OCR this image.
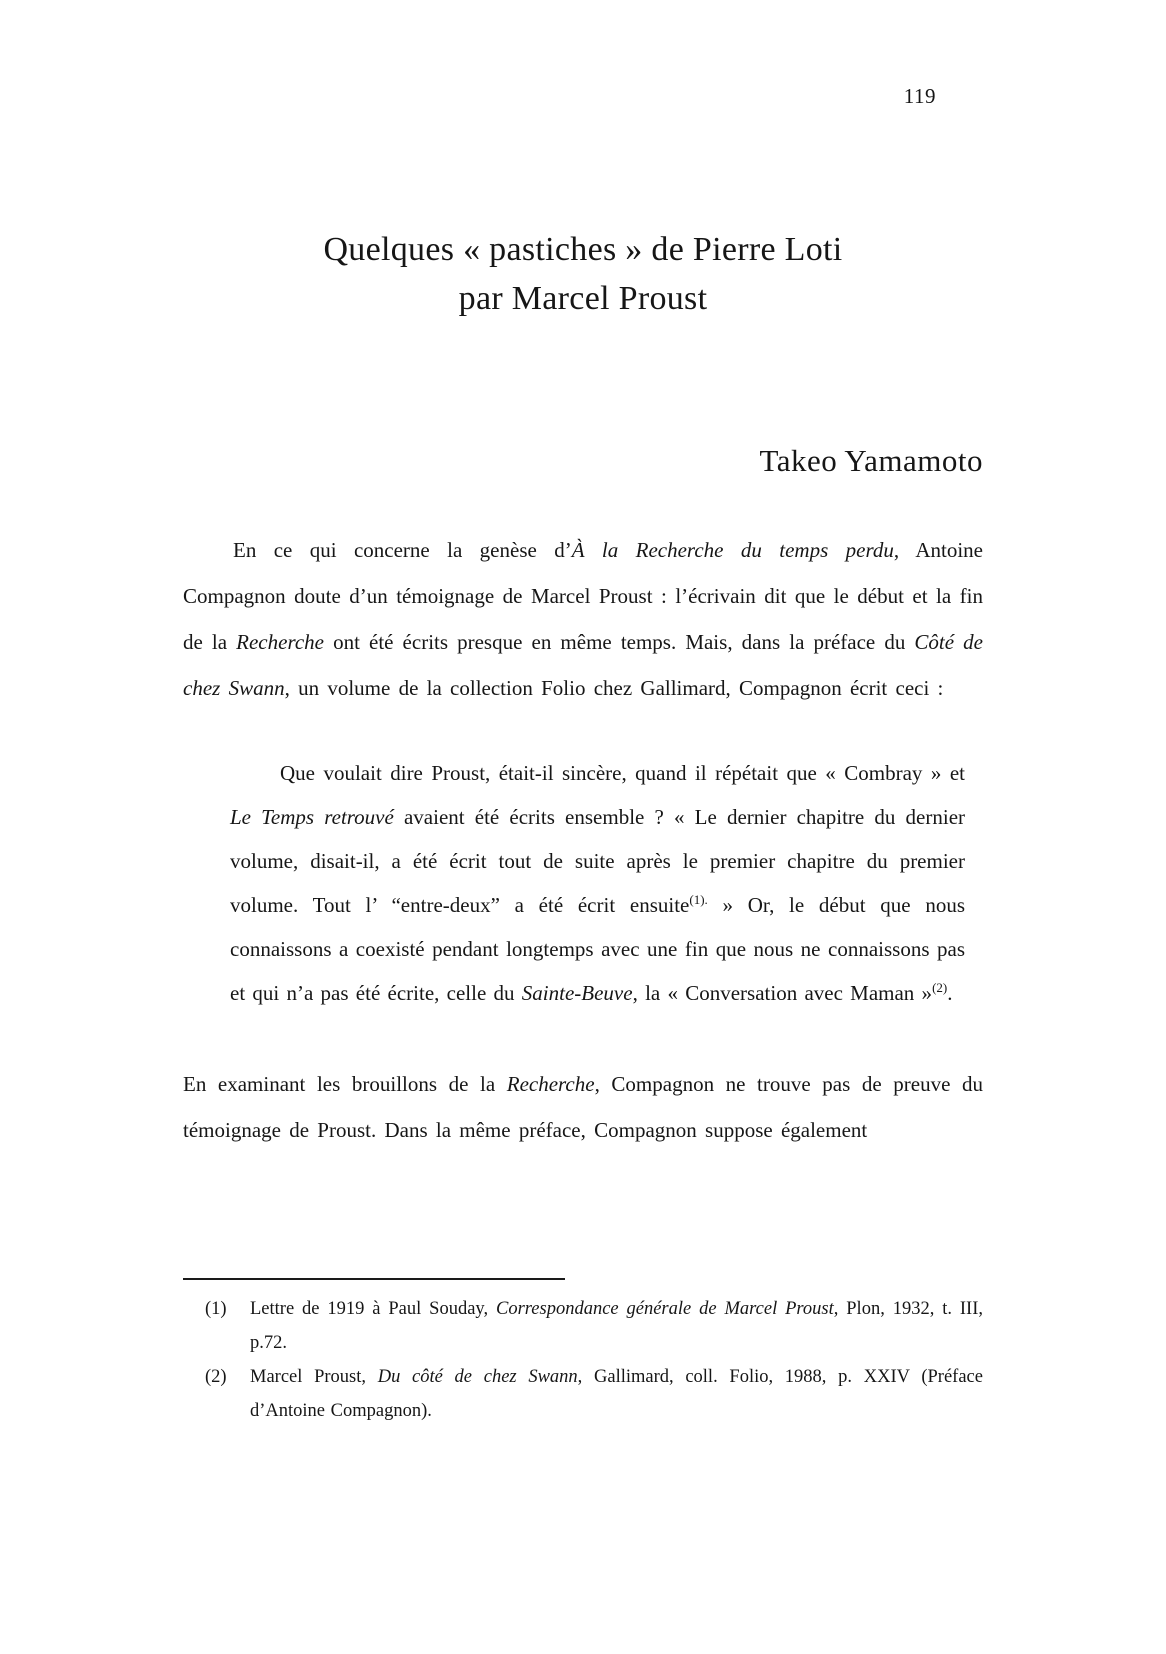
119
Quelques « pastiches » de Pierre Loti
par Marcel Proust
Takeo Yamamoto

En ce qui concerne la genèse d’À la Recherche du temps perdu, Antoine Compagnon doute d’un témoignage de Marcel Proust : l’écrivain dit que le début et la fin de la Recherche ont été écrits presque en même temps. Mais, dans la préface du Côté de chez Swann, un volume de la collection Folio chez Gallimard, Compagnon écrit ceci :

Que voulait dire Proust, était-il sincère, quand il répétait que « Combray » et Le Temps retrouvé avaient été écrits ensemble ? « Le dernier chapitre du dernier volume, disait-il, a été écrit tout de suite après le premier chapitre du premier volume. Tout l’ “entre-deux” a été écrit ensuite$^{(1).}$ » Or, le début que nous connaissons a coexisté pendant longtemps avec une fin que nous ne connaissons pas et qui n’a pas été écrite, celle du Sainte-Beuve, la « Conversation avec Maman »$^{(2)}$.

En examinant les brouillons de la Recherche, Compagnon ne trouve pas de preuve du témoignage de Proust. Dans la même préface, Compagnon suppose également

(1) Lettre de 1919 à Paul Souday, Correspondance générale de Marcel Proust, Plon, 1932, t. III, p.72.
(2) Marcel Proust, Du côté de chez Swann, Gallimard, coll. Folio, 1988, p. XXIV (Préface d’Antoine Compagnon).
